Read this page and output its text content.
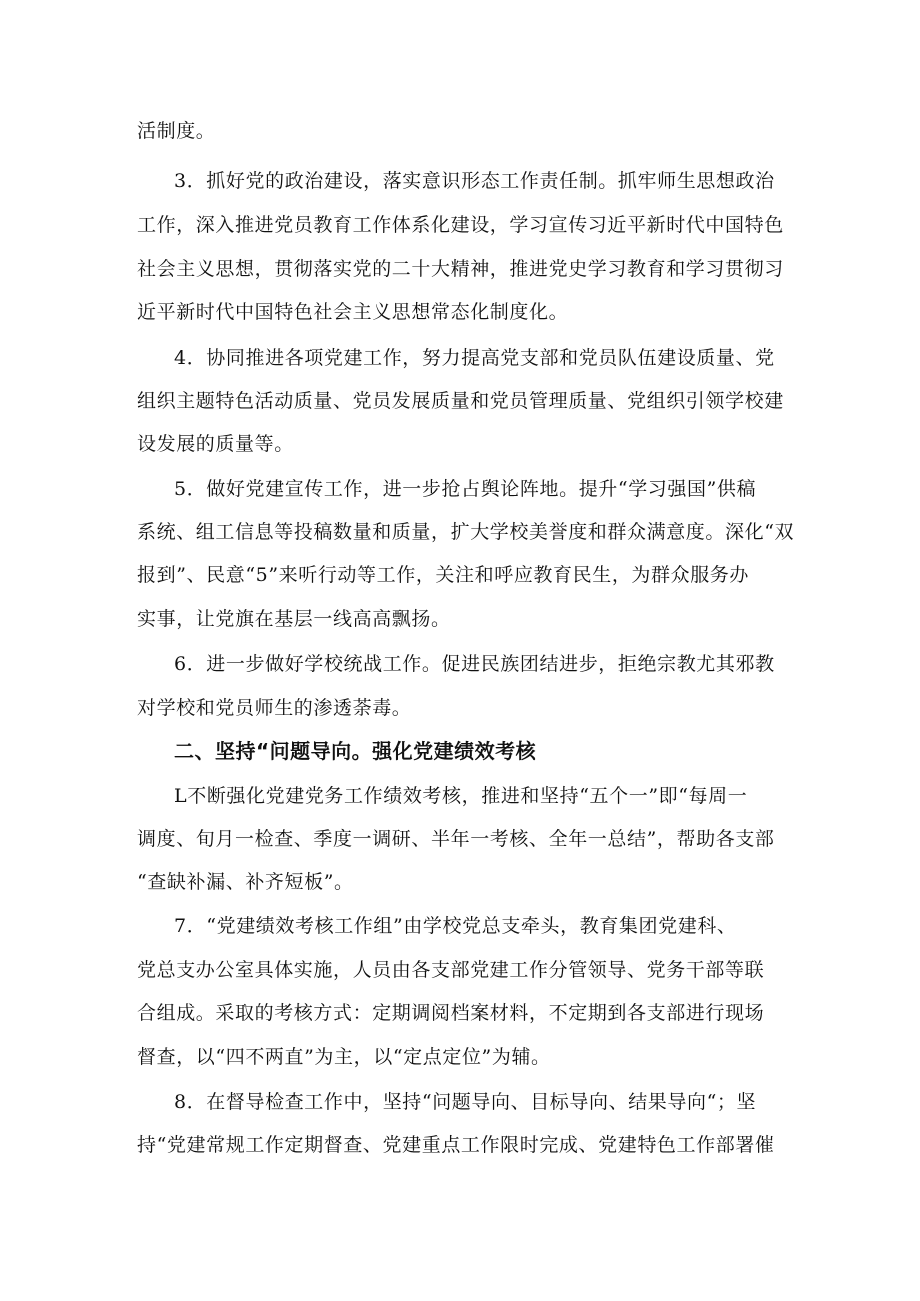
活制度。
3．抓好党的政治建设，落实意识形态工作责任制。抓牢师生思想政治
工作，深入推进党员教育工作体系化建设，学习宣传习近平新时代中国特色
社会主义思想，贯彻落实党的二十大精神，推进党史学习教育和学习贯彻习
近平新时代中国特色社会主义思想常态化制度化。
4．协同推进各项党建工作，努力提高党支部和党员队伍建设质量、党
组织主题特色活动质量、党员发展质量和党员管理质量、党组织引领学校建
设发展的质量等。
5．做好党建宣传工作，进一步抢占舆论阵地。提升“学习强国”供稿
系统、组工信息等投稿数量和质量，扩大学校美誉度和群众满意度。深化“双
报到”、民意“5”来听行动等工作，关注和呼应教育民生，为群众服务办
实事，让党旗在基层一线高高飘扬。
6．进一步做好学校统战工作。促进民族团结进步，拒绝宗教尤其邪教
对学校和党员师生的渗透荼毒。
二、坚持“问题导向。强化党建绩效考核
L不断强化党建党务工作绩效考核，推进和坚持“五个一”即“每周一
调度、旬月一检查、季度一调研、半年一考核、全年一总结”，帮助各支部
“查缺补漏、补齐短板”。
7．“党建绩效考核工作组”由学校党总支牵头，教育集团党建科、
党总支办公室具体实施，人员由各支部党建工作分管领导、党务干部等联
合组成。采取的考核方式：定期调阅档案材料，不定期到各支部进行现场
督查，以“四不两直”为主，以“定点定位”为辅。
8．在督导检查工作中，坚持“问题导向、目标导向、结果导向“；坚
持“党建常规工作定期督查、党建重点工作限时完成、党建特色工作部署催
